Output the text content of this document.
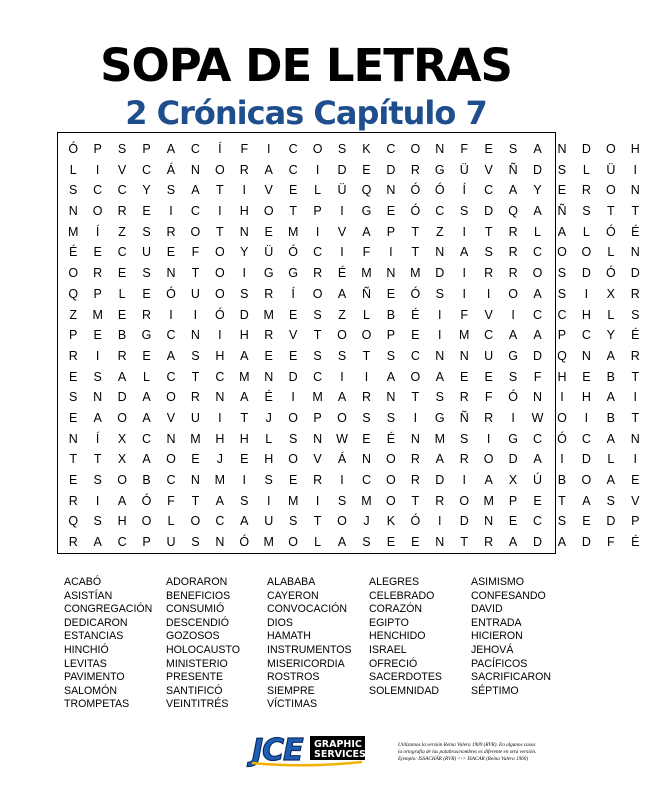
SOPA DE LETRAS
2 Crónicas Capítulo 7
Ó	P	S	P	A	C	Í	F	I	C	O	S	K	C	O	N	F	E	S	A	N	D	O	H
L	I	V	C	Á	N	O	R	A	C	I	D	E	D	R	G	Ü	V	Ñ	D	S	L	Ü	I
S	C	C	Y	S	A	T	I	V	E	L	Ü	Q	N	Ó	Ó	Í	C	A	Y	E	R	O	N
N	O	R	E	I	C	I	H	O	T	P	I	G	E	Ó	C	S	D	Q	A	Ñ	S	T	T
M	Í	Z	S	R	O	T	N	E	M	I	V	A	P	T	Z	I	T	R	L	A	L	Ó	É
É	E	C	U	E	F	O	Y	Ü	Ó	C	I	F	I	T	N	A	S	R	C	O	O	L	N
O	R	E	S	N	T	O	I	G	G	R	É	M	N	M	D	I	R	R	O	S	D	Ó	D
Q	P	L	E	Ó	U	O	S	R	Í	O	A	Ñ	E	Ó	S	I	I	O	A	S	I	X	R
Z	M	E	R	I	I	Ó	D	M	E	S	Z	L	B	É	I	F	V	I	C	C	H	L	S
P	E	B	G	C	N	I	H	R	V	T	O	O	P	E	I	M	C	A	A	P	C	Y	É
R	I	R	E	A	S	H	A	E	E	S	S	T	S	C	N	N	U	G	D	Q	N	A	R
E	S	A	L	C	T	C	M	N	D	C	I	I	A	O	A	E	E	S	F	H	E	B	T
S	N	D	A	O	R	N	A	É	I	M	A	R	N	T	S	R	F	Ó	N	I	H	A	I
E	A	O	A	V	U	I	T	J	O	P	O	S	S	I	G	Ñ	R	I	W	O	I	B	T
N	Í	X	C	N	M	H	H	L	S	N	W	E	É	N	M	S	I	G	C	Ó	C	A	N
T	T	X	A	O	E	J	E	H	O	V	Á	N	O	R	A	R	O	D	A	I	D	L	I
E	S	O	B	C	N	M	I	S	E	R	I	C	O	R	D	I	A	X	Ú	B	O	A	E
R	I	A	Ó	F	T	A	S	I	M	I	S	M	O	T	R	O	M	P	E	T	A	S	V
Q	S	H	O	L	O	C	A	U	S	T	O	J	K	Ó	I	D	N	E	C	S	E	D	P
R	A	C	P	U	S	N	Ó	M	O	L	A	S	E	E	N	T	R	A	D	A	D	F	É
ACABÓ
ASISTÍAN
CONGREGACIÓN
DEDICARON
ESTANCIAS
HINCHIÓ
LEVITAS
PAVIMENTO
SALOMÓN
TROMPETAS
ADORARON
BENEFICIOS
CONSUMIÓ
DESCENDIÓ
GOZOSOS
HOLOCAUSTO
MINISTERIO
PRESENTE
SANTIFICÓ
VEINTITRÉS
ALABABA
CAYERON
CONVOCACIÓN
DIOS
HAMATH
INSTRUMENTOS
MISERICORDIA
ROSTROS
SIEMPRE
VÍCTIMAS
ALEGRES
CELEBRADO
CORAZÓN
EGIPTO
HENCHIDO
ISRAEL
OFRECIÓ
SACERDOTES
SOLEMNIDAD
ASIMISMO
CONFESANDO
DAVID
ENTRADA
HICIERON
JEHOVÁ
PACÍFICOS
SACRIFICARON
SÉPTIMO
JCE GRAPHIC
SERVICES
Utilizamos la versión Reina Valera 1909 (RVR). En algunos casos
la ortografía de las palabras/nombres es diferente en otra versión.
Ejemplo: ISSACHÁR (RVR) <-> ISACAR (Reina Valera 1960)
